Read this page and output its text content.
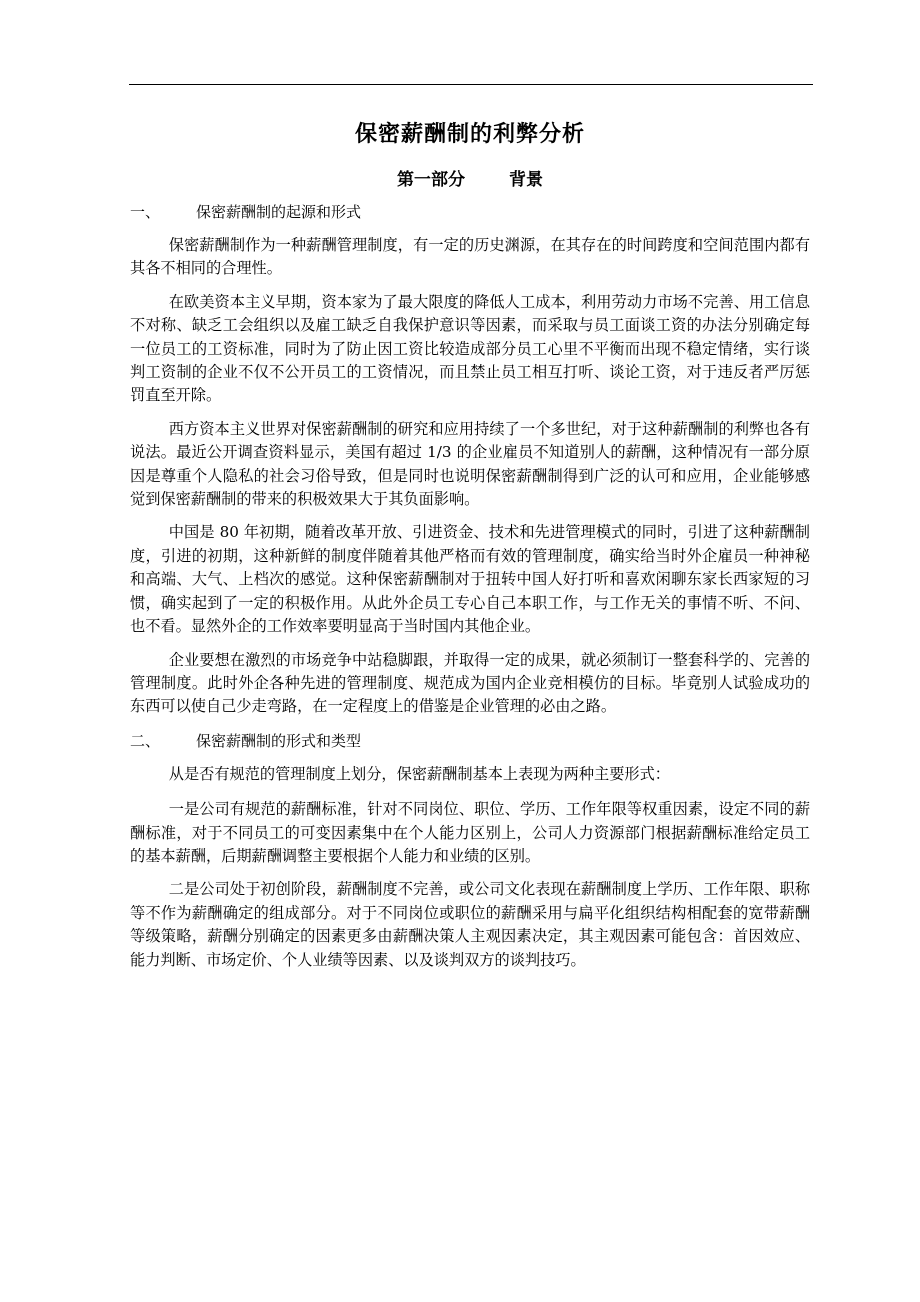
保密薪酬制的利弊分析
第一部分	背景
一、 保密薪酬制的起源和形式

保密薪酬制作为一种薪酬管理制度，有一定的历史渊源，在其存在的时间跨度和空间范围内都有其各不相同的合理性。

在欧美资本主义早期，资本家为了最大限度的降低人工成本，利用劳动力市场不完善、用工信息不对称、缺乏工会组织以及雇工缺乏自我保护意识等因素，而采取与员工面谈工资的办法分别确定每一位员工的工资标准，同时为了防止因工资比较造成部分员工心里不平衡而出现不稳定情绪，实行谈判工资制的企业不仅不公开员工的工资情况，而且禁止员工相互打听、谈论工资，对于违反者严厉惩罚直至开除。

西方资本主义世界对保密薪酬制的研究和应用持续了一个多世纪，对于这种薪酬制的利弊也各有说法。最近公开调查资料显示，美国有超过 1/3 的企业雇员不知道别人的薪酬，这种情况有一部分原因是尊重个人隐私的社会习俗导致，但是同时也说明保密薪酬制得到广泛的认可和应用，企业能够感觉到保密薪酬制的带来的积极效果大于其负面影响。

中国是 80 年初期，随着改革开放、引进资金、技术和先进管理模式的同时，引进了这种薪酬制度，引进的初期，这种新鲜的制度伴随着其他严格而有效的管理制度，确实给当时外企雇员一种神秘和高端、大气、上档次的感觉。这种保密薪酬制对于扭转中国人好打听和喜欢闲聊东家长西家短的习惯，确实起到了一定的积极作用。从此外企员工专心自己本职工作，与工作无关的事情不听、不问、也不看。显然外企的工作效率要明显高于当时国内其他企业。

企业要想在激烈的市场竞争中站稳脚跟，并取得一定的成果，就必须制订一整套科学的、完善的管理制度。此时外企各种先进的管理制度、规范成为国内企业竞相模仿的目标。毕竟别人试验成功的东西可以使自己少走弯路，在一定程度上的借鉴是企业管理的必由之路。

二、 保密薪酬制的形式和类型

从是否有规范的管理制度上划分，保密薪酬制基本上表现为两种主要形式：

一是公司有规范的薪酬标准，针对不同岗位、职位、学历、工作年限等权重因素，设定不同的薪酬标准，对于不同员工的可变因素集中在个人能力区别上，公司人力资源部门根据薪酬标准给定员工的基本薪酬，后期薪酬调整主要根据个人能力和业绩的区别。

二是公司处于初创阶段，薪酬制度不完善，或公司文化表现在薪酬制度上学历、工作年限、职称等不作为薪酬确定的组成部分。对于不同岗位或职位的薪酬采用与扁平化组织结构相配套的宽带薪酬等级策略，薪酬分别确定的因素更多由薪酬决策人主观因素决定，其主观因素可能包含：首因效应、能力判断、市场定价、个人业绩等因素、以及谈判双方的谈判技巧。
